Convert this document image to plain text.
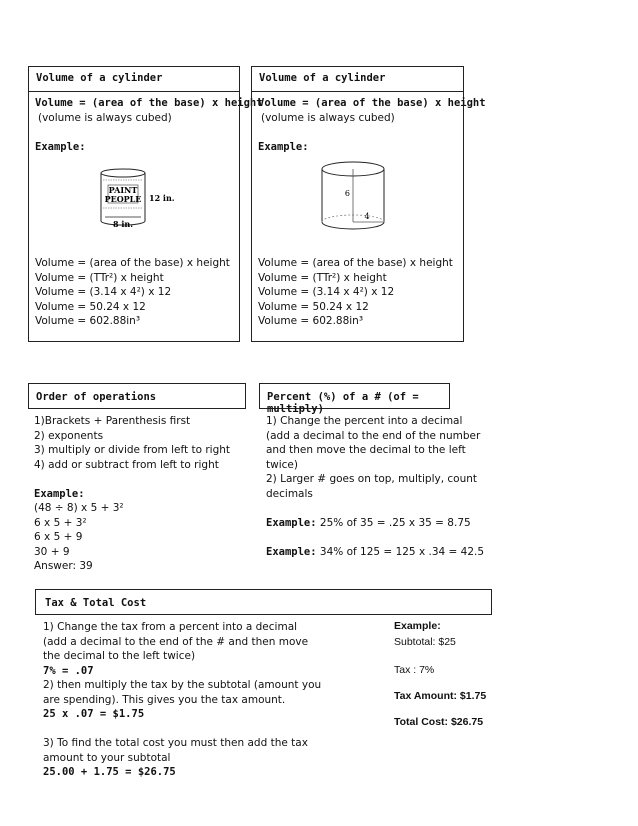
Volume of a cylinder
Volume = (area of the base) x height
(volume is always cubed)
Example:
PAINT
PEOPLE
8 in.
12 in.
Volume = (area of the base) x height
Volume = (TTr²) x height
Volume = (3.14 x 4²) x 12
Volume = 50.24 x 12
Volume = 602.88in³
Volume of a cylinder
Volume = (area of the base) x height
(volume is always cubed)
Example:
6
4
Volume = (area of the base) x height
Volume = (TTr²) x height
Volume = (3.14 x 4²) x 12
Volume = 50.24 x 12
Volume = 602.88in³
Order of operations
1)Brackets + Parenthesis first
2) exponents
3) multiply or divide from left to right
4) add or subtract from left to right
Example:
(48 ÷ 8) x 5 + 3²
6 x 5 + 3²
6 x 5 + 9
30 + 9
Answer: 39
Percent (%) of a # (of = multiply)
1) Change the percent into a decimal
(add a decimal to the end of the number
and then move the decimal to the left
twice)
2) Larger # goes on top, multiply, count
decimals
Example: 25% of 35 = .25 x 35 = 8.75
Example: 34% of 125 = 125 x .34 = 42.5
Tax & Total Cost
1) Change the tax from a percent into a decimal
(add a decimal to the end of the # and then move
the decimal to the left twice)
7% = .07
2) then multiply the tax by the subtotal (amount you
are spending). This gives you the tax amount.
25 x .07 = $1.75
3) To find the total cost you must then add the tax
amount to your subtotal
25.00 + 1.75 = $26.75
Example:
Subtotal: $25
Tax : 7%
Tax Amount: $1.75
Total Cost: $26.75
